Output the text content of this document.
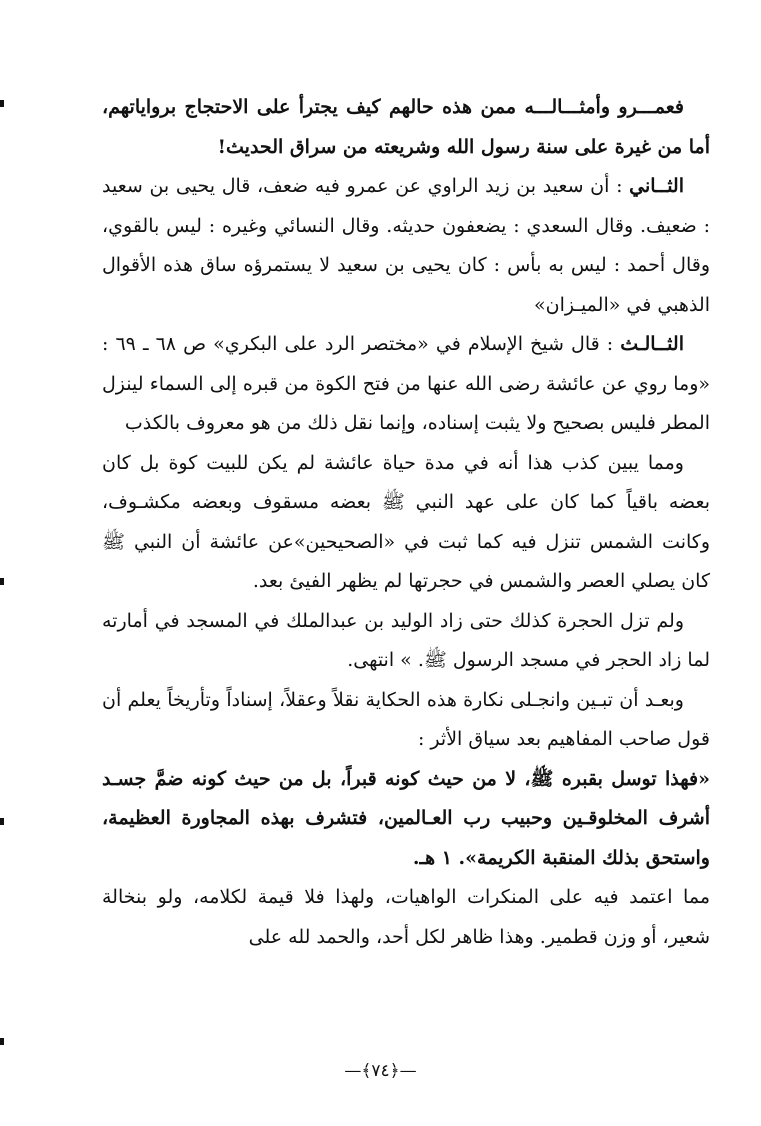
فعمـــرو وأمثـــالـــه ممن هذه حالهم كيف يجترأ على الاحتجاج برواياتهم، أما من غيرة على سنة رسول الله وشريعته من سراق الحديث!

الثــاني : أن سعيد بن زيد الراوي عن عمرو فيه ضعف، قال يحيى بن سعيد : ضعيف. وقال السعدي : يضعفون حديثه. وقال النسائي وغيره : ليس بالقوي، وقال أحمد : ليس به بأس : كان يحيى بن سعيد لا يستمرؤه ساق هذه الأقوال الذهبي في «الميـزان»

الثــالـث : قال شيخ الإسلام في «مختصر الرد على البكري» ص ٦٨ ـ ٦٩ : «وما روي عن عائشة رضى الله عنها من فتح الكوة من قبره إلى السماء لينزل المطر فليس بصحيح ولا يثبت إسناده، وإنما نقل ذلك من هو معروف بالكذب

ومما يبين كذب هذا أنه في مدة حياة عائشة لم يكن للبيت كوة بل كان بعضه باقياً كما كان على عهد النبي ﷺ بعضه مسقوف وبعضه مكشـوف، وكانت الشمس تنزل فيه كما ثبت في «الصحيحين»عن عائشة أن النبي ﷺ كان يصلي العصر والشمس في حجرتها لم يظهر الفيئ بعد.

ولم تزل الحجرة كذلك حتى زاد الوليد بن عبدالملك في المسجد في أمارته لما زاد الحجر في مسجد الرسول ﷺ. » انتهى.

وبعـد أن تبـين وانجـلى نكارة هذه الحكاية نقلاً وعقلاً، إسناداً وتأريخاً يعلم أن قول صاحب المفاهيم بعد سياق الأثر :

«فهذا توسل بقبره ﷺ، لا من حيث كونه قبراً، بل من حيث كونه ضمَّ جسـد أشرف المخلوقـين وحبيب رب العـالمين، فتشرف بهذه المجاورة العظيمة، واستحق بذلك المنقبة الكريمة». ١ هـ.

مما اعتمد فيه على المنكرات الواهيات، ولهذا فلا قيمة لكلامه، ولو بنخالة شعير، أو وزن قطمير. وهذا ظاهر لكل أحد، والحمد لله على

—﴿٧٤﴾—
